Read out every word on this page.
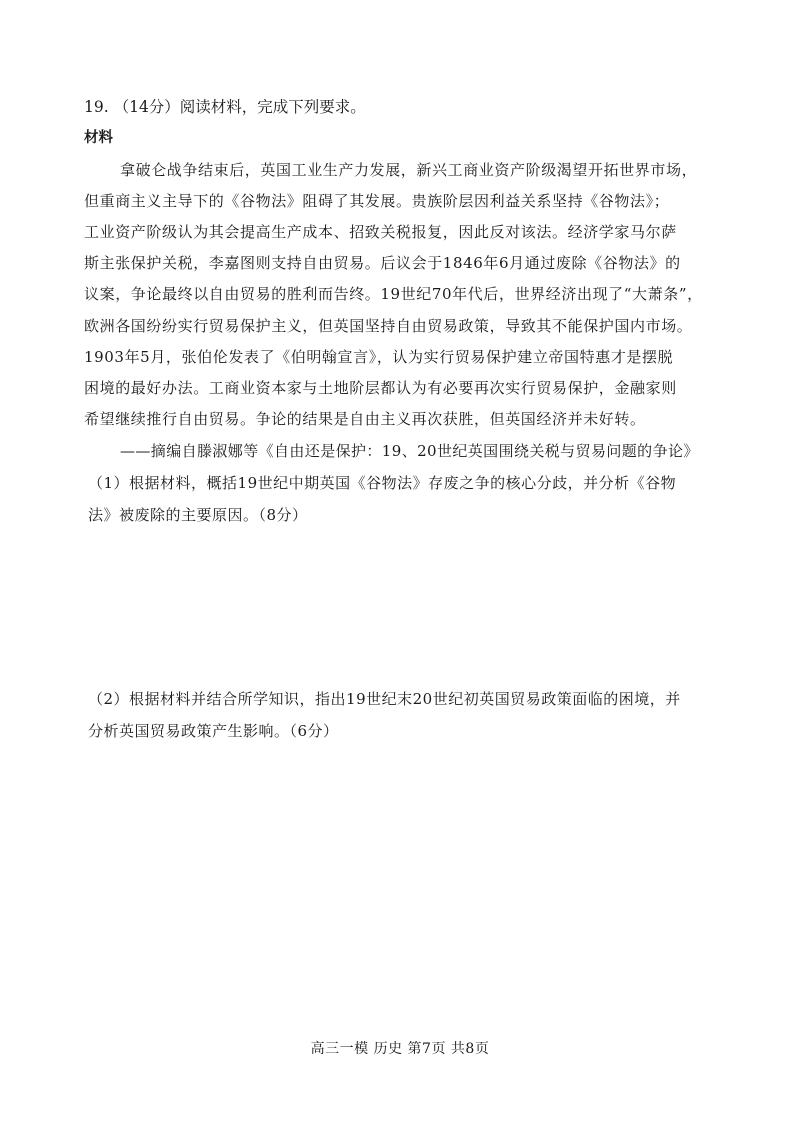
19. （14分）阅读材料，完成下列要求。
材料
拿破仑战争结束后，英国工业生产力发展，新兴工商业资产阶级渴望开拓世界市场，
但重商主义主导下的《谷物法》阻碍了其发展。贵族阶层因利益关系坚持《谷物法》；
工业资产阶级认为其会提高生产成本、招致关税报复，因此反对该法。经济学家马尔萨
斯主张保护关税，李嘉图则支持自由贸易。后议会于1846年6月通过废除《谷物法》的
议案，争论最终以自由贸易的胜利而告终。19世纪70年代后，世界经济出现了“大萧条”，
欧洲各国纷纷实行贸易保护主义，但英国坚持自由贸易政策，导致其不能保护国内市场。
1903年5月，张伯伦发表了《伯明翰宣言》，认为实行贸易保护建立帝国特惠才是摆脱
困境的最好办法。工商业资本家与土地阶层都认为有必要再次实行贸易保护，金融家则
希望继续推行自由贸易。争论的结果是自由主义再次获胜，但英国经济并未好转。
——摘编自滕淑娜等《自由还是保护：19、20世纪英国围绕关税与贸易问题的争论》
（1）根据材料，概括19世纪中期英国《谷物法》存废之争的核心分歧，并分析《谷物
法》被废除的主要原因。（8分）
（2）根据材料并结合所学知识，指出19世纪末20世纪初英国贸易政策面临的困境，并
分析英国贸易政策产生影响。（6分）
高三一模 历史 第7页 共8页
